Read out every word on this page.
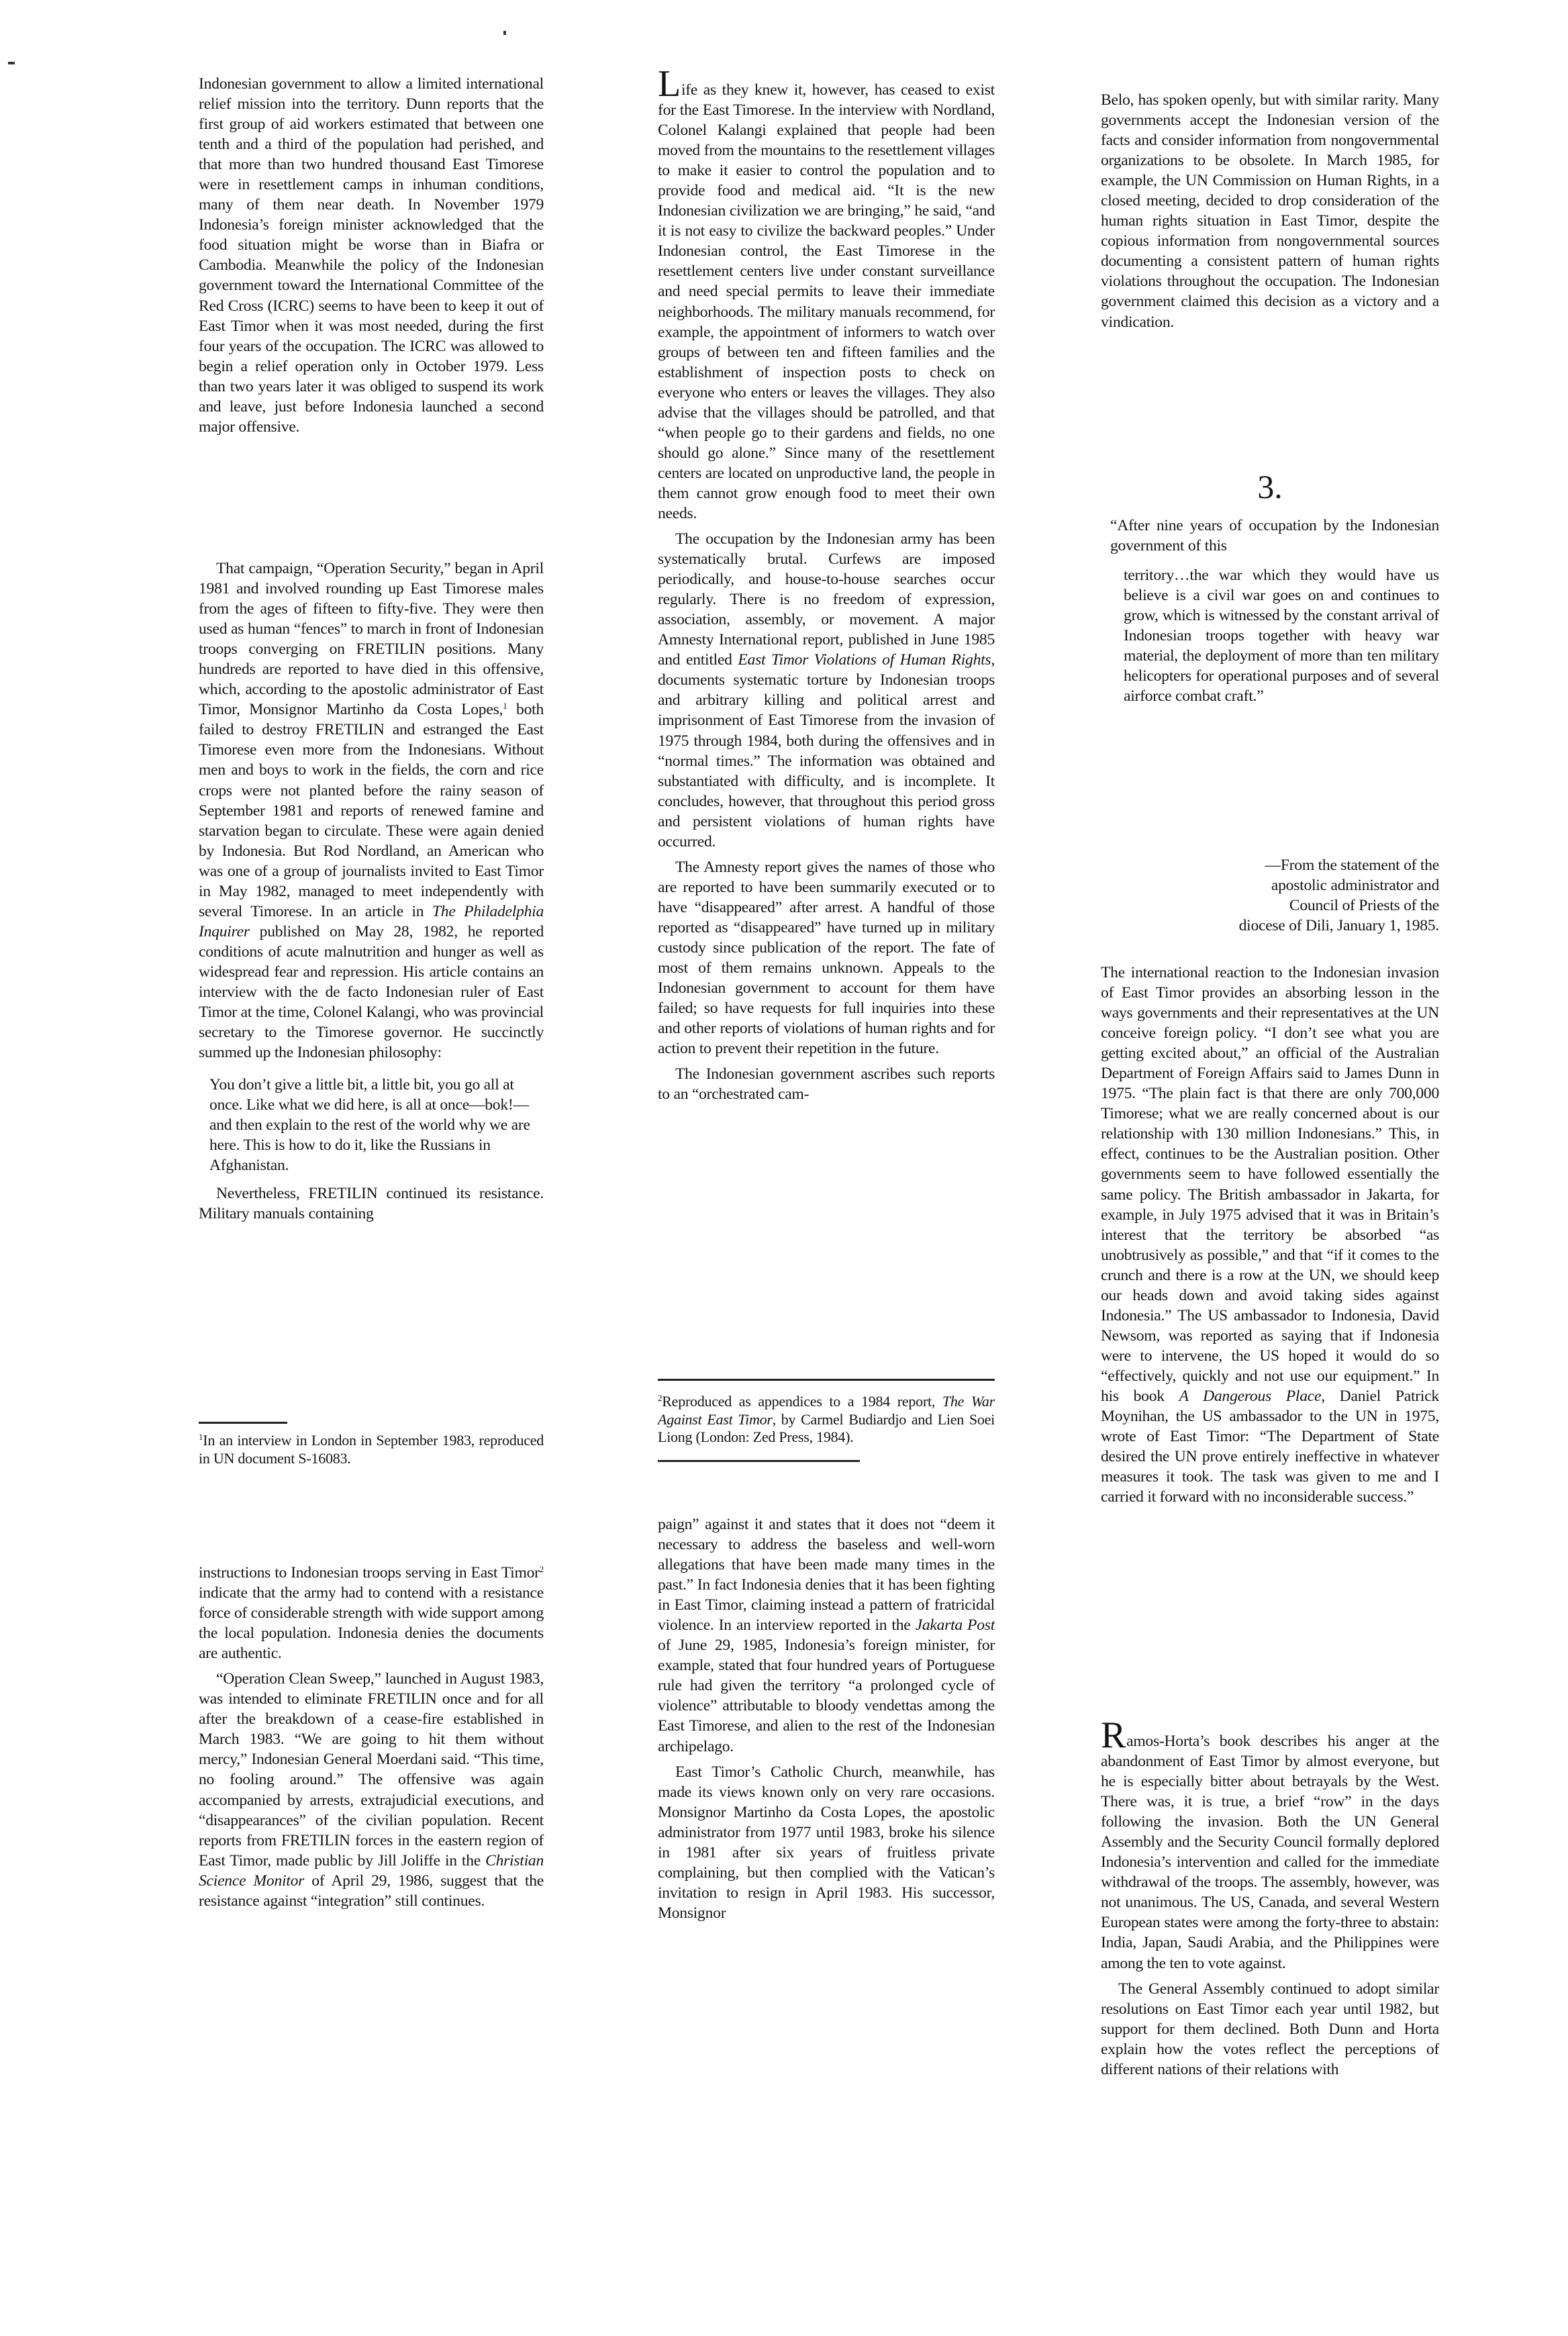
Indonesian government to allow a limited international relief mission into the territory. Dunn reports that the first group of aid workers estimated that between one tenth and a third of the population had perished, and that more than two hundred thousand East Timorese were in resettlement camps in inhuman conditions, many of them near death. In November 1979 Indonesia’s foreign minister acknowledged that the food situation might be worse than in Biafra or Cambodia. Meanwhile the policy of the Indonesian government toward the International Committee of the Red Cross (ICRC) seems to have been to keep it out of East Timor when it was most needed, during the first four years of the occupation. The ICRC was allowed to begin a relief operation only in October 1979. Less than two years later it was obliged to suspend its work and leave, just before Indonesia launched a second major offensive.

That campaign, “Operation Security,” began in April 1981 and involved rounding up East Timorese males from the ages of fifteen to fifty-five. They were then used as human “fences” to march in front of Indonesian troops converging on FRETILIN positions. Many hundreds are reported to have died in this offensive, which, according to the apostolic administrator of East Timor, Monsignor Martinho da Costa Lopes,$^1$ both failed to destroy FRETILIN and estranged the East Timorese even more from the Indonesians. Without men and boys to work in the fields, the corn and rice crops were not planted before the rainy season of September 1981 and reports of renewed famine and starvation began to circulate. These were again denied by Indonesia. But Rod Nordland, an American who was one of a group of journalists invited to East Timor in May 1982, managed to meet independently with several Timorese. In an article in The Philadelphia Inquirer published on May 28, 1982, he reported conditions of acute malnutrition and hunger as well as widespread fear and repression. His article contains an interview with the de facto Indonesian ruler of East Timor at the time, Colonel Kalangi, who was provincial secretary to the Timorese governor. He succinctly summed up the Indonesian philosophy:

You don’t give a little bit, a little bit, you go all at once. Like what we did here, is all at once—bok!—and then explain to the rest of the world why we are here. This is how to do it, like the Russians in Afghanistan.

Nevertheless, FRETILIN continued its resistance. Military manuals containing

$^1$In an interview in London in September 1983, reproduced in UN document S-16083.

instructions to Indonesian troops serving in East Timor$^2$ indicate that the army had to contend with a resistance force of considerable strength with wide support among the local population. Indonesia denies the documents are authentic.

“Operation Clean Sweep,” launched in August 1983, was intended to eliminate FRETILIN once and for all after the breakdown of a cease-fire established in March 1983. “We are going to hit them without mercy,” Indonesian General Moerdani said. “This time, no fooling around.” The offensive was again accompanied by arrests, extrajudicial executions, and “disappearances” of the civilian population. Recent reports from FRETILIN forces in the eastern region of East Timor, made public by Jill Joliffe in the Christian Science Monitor of April 29, 1986, suggest that the resistance against “integration” still continues.

Life as they knew it, however, has ceased to exist for the East Timorese. In the interview with Nordland, Colonel Kalangi explained that people had been moved from the mountains to the resettlement villages to make it easier to control the population and to provide food and medical aid. “It is the new Indonesian civilization we are bringing,” he said, “and it is not easy to civilize the backward peoples.” Under Indonesian control, the East Timorese in the resettlement centers live under constant surveillance and need special permits to leave their immediate neighborhoods. The military manuals recommend, for example, the appointment of informers to watch over groups of between ten and fifteen families and the establishment of inspection posts to check on everyone who enters or leaves the villages. They also advise that the villages should be patrolled, and that “when people go to their gardens and fields, no one should go alone.” Since many of the resettlement centers are located on unproductive land, the people in them cannot grow enough food to meet their own needs.

The occupation by the Indonesian army has been systematically brutal. Curfews are imposed periodically, and house-to-house searches occur regularly. There is no freedom of expression, association, assembly, or movement. A major Amnesty International report, published in June 1985 and entitled East Timor Violations of Human Rights, documents systematic torture by Indonesian troops and arbitrary killing and political arrest and imprisonment of East Timorese from the invasion of 1975 through 1984, both during the offensives and in “normal times.” The information was obtained and substantiated with difficulty, and is incomplete. It concludes, however, that throughout this period gross and persistent violations of human rights have occurred.

The Amnesty report gives the names of those who are reported to have been summarily executed or to have “disappeared” after arrest. A handful of those reported as “disappeared” have turned up in military custody since publication of the report. The fate of most of them remains unknown. Appeals to the Indonesian government to account for them have failed; so have requests for full inquiries into these and other reports of violations of human rights and for action to prevent their repetition in the future.

The Indonesian government ascribes such reports to an “orchestrated cam-

$^2$Reproduced as appendices to a 1984 report, The War Against East Timor, by Carmel Budiardjo and Lien Soei Liong (London: Zed Press, 1984).

paign” against it and states that it does not “deem it necessary to address the baseless and well-worn allegations that have been made many times in the past.” In fact Indonesia denies that it has been fighting in East Timor, claiming instead a pattern of fratricidal violence. In an interview reported in the Jakarta Post of June 29, 1985, Indonesia’s foreign minister, for example, stated that four hundred years of Portuguese rule had given the territory “a prolonged cycle of violence” attributable to bloody vendettas among the East Timorese, and alien to the rest of the Indonesian archipelago.

East Timor’s Catholic Church, meanwhile, has made its views known only on very rare occasions. Monsignor Martinho da Costa Lopes, the apostolic administrator from 1977 until 1983, broke his silence in 1981 after six years of fruitless private complaining, but then complied with the Vatican’s invitation to resign in April 1983. His successor, Monsignor

Belo, has spoken openly, but with similar rarity. Many governments accept the Indonesian version of the facts and consider information from nongovernmental organizations to be obsolete. In March 1985, for example, the UN Commission on Human Rights, in a closed meeting, decided to drop consideration of the human rights situation in East Timor, despite the copious information from nongovernmental sources documenting a consistent pattern of human rights violations throughout the occupation. The Indonesian government claimed this decision as a victory and a vindication.

3.

“After nine years of occupation by the Indonesian government of this

territory…the war which they would have us believe is a civil war goes on and continues to grow, which is witnessed by the constant arrival of Indonesian troops together with heavy war material, the deployment of more than ten military helicopters for operational purposes and of several airforce combat craft.”

—From the statement of the

apostolic administrator and

Council of Priests of the

diocese of Dili, January 1, 1985.

The international reaction to the Indonesian invasion of East Timor provides an absorbing lesson in the ways governments and their representatives at the UN conceive foreign policy. “I don’t see what you are getting excited about,” an official of the Australian Department of Foreign Affairs said to James Dunn in 1975. “The plain fact is that there are only 700,000 Timorese; what we are really concerned about is our relationship with 130 million Indonesians.” This, in effect, continues to be the Australian position. Other governments seem to have followed essentially the same policy. The British ambassador in Jakarta, for example, in July 1975 advised that it was in Britain’s interest that the territory be absorbed “as unobtrusively as possible,” and that “if it comes to the crunch and there is a row at the UN, we should keep our heads down and avoid taking sides against Indonesia.” The US ambassador to Indonesia, David Newsom, was reported as saying that if Indonesia were to intervene, the US hoped it would do so “effectively, quickly and not use our equipment.” In his book A Dangerous Place, Daniel Patrick Moynihan, the US ambassador to the UN in 1975, wrote of East Timor: “The Department of State desired the UN prove entirely ineffective in whatever measures it took. The task was given to me and I carried it forward with no inconsiderable success.”

Ramos-Horta’s book describes his anger at the abandonment of East Timor by almost everyone, but he is especially bitter about betrayals by the West. There was, it is true, a brief “row” in the days following the invasion. Both the UN General Assembly and the Security Council formally deplored Indonesia’s intervention and called for the immediate withdrawal of the troops. The assembly, however, was not unanimous. The US, Canada, and several Western European states were among the forty-three to abstain: India, Japan, Saudi Arabia, and the Philippines were among the ten to vote against.

The General Assembly continued to adopt similar resolutions on East Timor each year until 1982, but support for them declined. Both Dunn and Horta explain how the votes reflect the perceptions of different nations of their relations with
